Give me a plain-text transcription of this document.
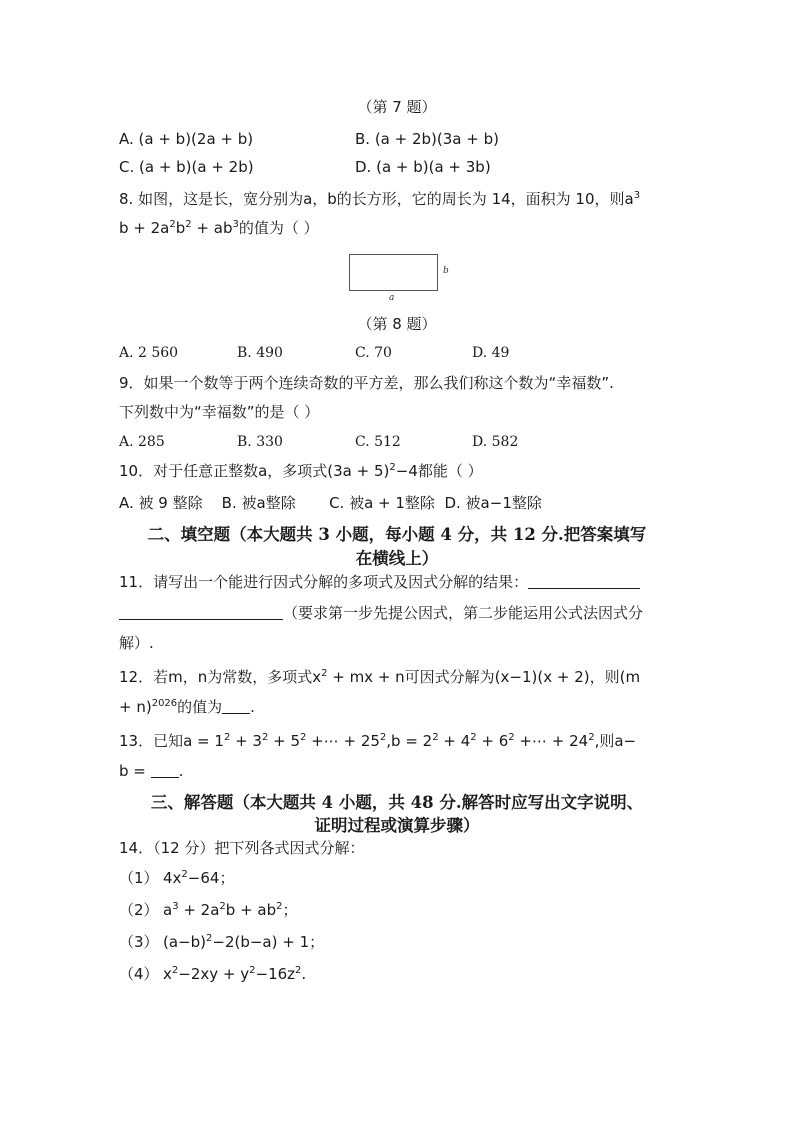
（第 7 题）
A. (a + b)(2a + b)	B. (a + 2b)(3a + b)
C. (a + b)(a + 2b)	D. (a + b)(a + 3b)
8. 如图，这是长，宽分别为a，b的长方形，它的周长为 14，面积为 10，则$a^3$
$b + 2a^2b^2 + ab^3$的值为（ ）
a
b
（第 8 题）
A. 2 560	B. 490	C. 70	D. 49
9．如果一个数等于两个连续奇数的平方差，那么我们称这个数为“幸福数”.
下列数中为“幸福数”的是（ ）
A. 285	B. 330	C. 512	D. 582
10．对于任意正整数a，多项式$(3a + 5)^2-4$都能（ ）
A. 被 9 整除    B. 被a整除       C. 被a + 1整除  D. 被a−1整除
二、填空题（本大题共 3 小题，每小题 4 分，共 12 分.把答案填写
在横线上）
11．请写出一个能进行因式分解的多项式及因式分解的结果：
（要求第一步先提公因式，第二步能运用公式法因式分
解）.
12．若m，n为常数，多项式$x^2$ + mx + n可因式分解为(x−1)(x + 2)，则(m
+ n)$^{2026}$的值为 .
13．已知$a = 1^2 + 3^2 + 5^2$ +⋯ + $25^2,b = 2^2 + 4^2 + 6^2$ +⋯ + $24^2$,则a−
b = .
三、解答题（本大题共 4 小题，共 48 分.解答时应写出文字说明、
证明过程或演算步骤）
14．（12 分）把下列各式因式分解：
（1） $4x^2-64$；
（2） $a^3 + 2a^2b + ab^2$；
（3） $(a-b)^2-2(b-a) + 1$；
（4） $x^2-2xy + y^2-16z^2$.
